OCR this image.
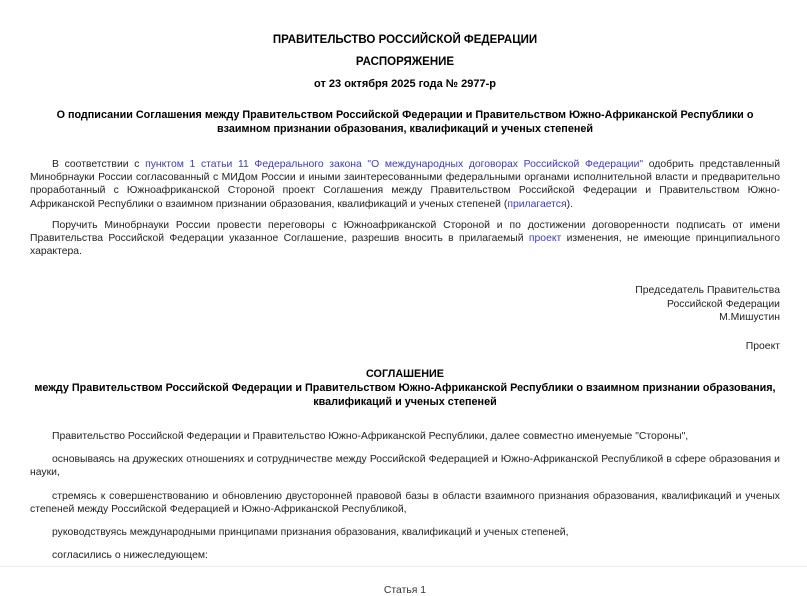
ПРАВИТЕЛЬСТВО РОССИЙСКОЙ ФЕДЕРАЦИИ

РАСПОРЯЖЕНИЕ

от 23 октября 2025 года № 2977-р

О подписании Соглашения между Правительством Российской Федерации и Правительством Южно-Африканской Республики о взаимном признании образования, квалификаций и ученых степеней

В соответствии с пунктом 1 статьи 11 Федерального закона "О международных договорах Российской Федерации" одобрить представленный Минобрнауки России согласованный с МИДом России и иными заинтересованными федеральными органами исполнительной власти и предварительно проработанный с Южноафриканской Стороной проект Соглашения между Правительством Российской Федерации и Правительством Южно-Африканской Республики о взаимном признании образования, квалификаций и ученых степеней (прилагается).

Поручить Минобрнауки России провести переговоры с Южноафриканской Стороной и по достижении договоренности подписать от имени Правительства Российской Федерации указанное Соглашение, разрешив вносить в прилагаемый проект изменения, не имеющие принципиального характера.

Председатель Правительства
Российской Федерации
М.Мишустин
Проект

СОГЛАШЕНИЕ

между Правительством Российской Федерации и Правительством Южно-Африканской Республики о взаимном признании образования, квалификаций и ученых степеней

Правительство Российской Федерации и Правительство Южно-Африканской Республики, далее совместно именуемые "Стороны",

основываясь на дружеских отношениях и сотрудничестве между Российской Федерацией и Южно-Африканской Республикой в сфере образования и науки,

стремясь к совершенствованию и обновлению двусторонней правовой базы в области взаимного признания образования, квалификаций и ученых степеней между Российской Федерацией и Южно-Африканской Республикой,

руководствуясь международными принципами признания образования, квалификаций и ученых степеней,

согласились о нижеследующем:

Статья 1
